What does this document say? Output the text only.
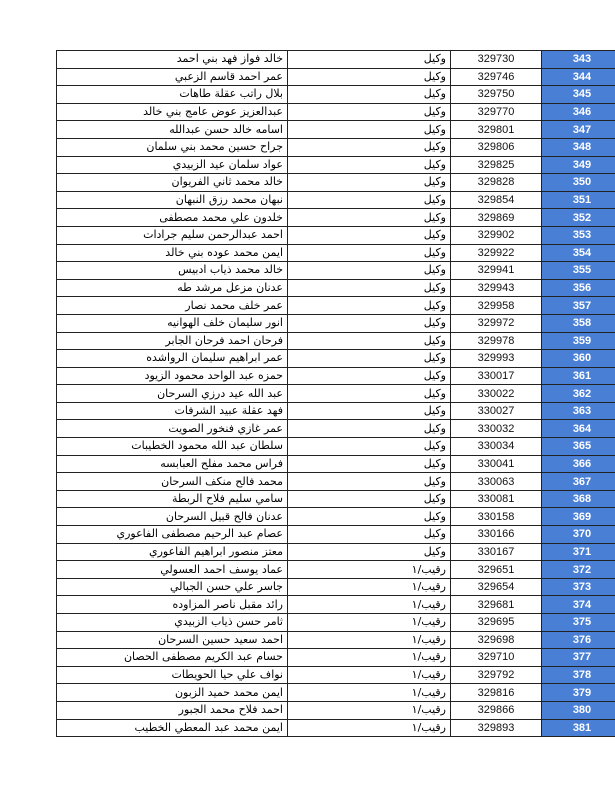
خالد فواز فهد بني احمد	وكيل	329730	343
عمر احمد قاسم الزعبي	وكيل	329746	344
بلال راتب عقلة طاهات	وكيل	329750	345
عبدالعزيز عوض عامج بني خالد	وكيل	329770	346
اسامه خالد حسن عبدالله	وكيل	329801	347
جراح حسين محمد بني سلمان	وكيل	329806	348
عواد سلمان عيد الزبيدي	وكيل	329825	349
خالد محمد ثاني الفريوان	وكيل	329828	350
نبهان محمد رزق النبهان	وكيل	329854	351
خلدون علي محمد مصطفى	وكيل	329869	352
احمد عبدالرحمن سليم جرادات	وكيل	329902	353
ايمن محمد عوده بني خالد	وكيل	329922	354
خالد محمد ذياب ادبيس	وكيل	329941	355
عدنان مزعل مرشد طه	وكيل	329943	356
عمر خلف محمد نصار	وكيل	329958	357
انور سليمان خلف الهوانيه	وكيل	329972	358
فرحان احمد فرحان الجابر	وكيل	329978	359
عمر ابراهيم سليمان الرواشده	وكيل	329993	360
حمزه عبد الواحد محمود الزيود	وكيل	330017	361
عبد الله عيد درزي السرحان	وكيل	330022	362
فهد عقلة عبيد الشرفات	وكيل	330027	363
عمر غازي فنخور الصويت	وكيل	330032	364
سلطان عبد الله محمود الخطيبات	وكيل	330034	365
فراس محمد مفلح العبابسه	وكيل	330041	366
محمد فالح منكف السرحان	وكيل	330063	367
سامي سليم فلاح الربطة	وكيل	330081	368
عدنان فالح قبيل السرحان	وكيل	330158	369
عصام عبد الرحيم مصطفى الفاعوري	وكيل	330166	370
معتز منصور ابراهيم الفاعوري	وكيل	330167	371
عماد يوسف احمد العسولي	رقيب/١	329651	372
جاسر علي حسن الجبالي	رقيب/١	329654	373
رائد مقبل ناصر المزاوده	رقيب/١	329681	374
ثامر حسن ذياب الزبيدي	رقيب/١	329695	375
احمد سعيد حسين السرحان	رقيب/١	329698	376
حسام عبد الكريم مصطفى الحصان	رقيب/١	329710	377
نواف علي حيا الحويطات	رقيب/١	329792	378
ايمن محمد حميد الزبون	رقيب/١	329816	379
احمد فلاح محمد الجبور	رقيب/١	329866	380
ايمن محمد عبد المعطي الخطيب	رقيب/١	329893	381
